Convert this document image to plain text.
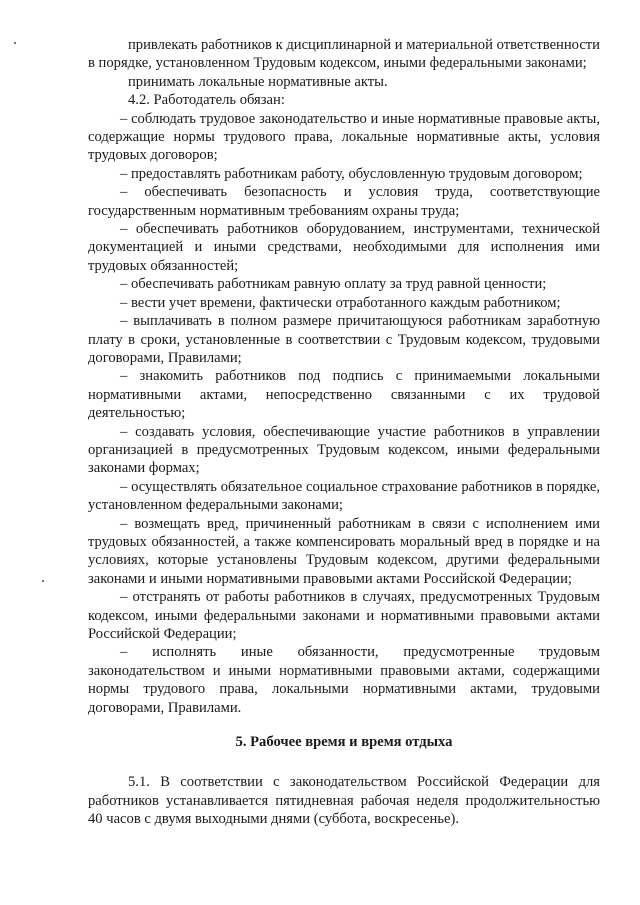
привлекать работников к дисциплинарной и материальной ответственности в порядке, установленном Трудовым кодексом, иными федеральными законами;

принимать локальные нормативные акты.

4.2. Работодатель обязан:

– соблюдать трудовое законодательство и иные нормативные правовые акты, содержащие нормы трудового права, локальные нормативные акты, условия трудовых договоров;

– предоставлять работникам работу, обусловленную трудовым договором;

– обеспечивать безопасность и условия труда, соответствующие государственным нормативным требованиям охраны труда;

– обеспечивать работников оборудованием, инструментами, технической документацией и иными средствами, необходимыми для исполнения ими трудовых обязанностей;

– обеспечивать работникам равную оплату за труд равной ценности;

– вести учет времени, фактически отработанного каждым работником;

– выплачивать в полном размере причитающуюся работникам заработную плату в сроки, установленные в соответствии с Трудовым кодексом, трудовыми договорами, Правилами;

– знакомить работников под подпись с принимаемыми локальными нормативными актами, непосредственно связанными с их трудовой деятельностью;

– создавать условия, обеспечивающие участие работников в управлении организацией в предусмотренных Трудовым кодексом, иными федеральными законами формах;

– осуществлять обязательное социальное страхование работников в порядке, установленном федеральными законами;

– возмещать вред, причиненный работникам в связи с исполнением ими трудовых обязанностей, а также компенсировать моральный вред в порядке и на условиях, которые установлены Трудовым кодексом, другими федеральными законами и иными нормативными правовыми актами Российской Федерации;

– отстранять от работы работников в случаях, предусмотренных Трудовым кодексом, иными федеральными законами и нормативными правовыми актами Российской Федерации;

– исполнять иные обязанности, предусмотренные трудовым законодательством и иными нормативными правовыми актами, содержащими нормы трудового права, локальными нормативными актами, трудовыми договорами, Правилами.

5. Рабочее время и время отдыха

5.1. В соответствии с законодательством Российской Федерации для работников устанавливается пятидневная рабочая неделя продолжительностью 40 часов с двумя выходными днями (суббота, воскресенье).
